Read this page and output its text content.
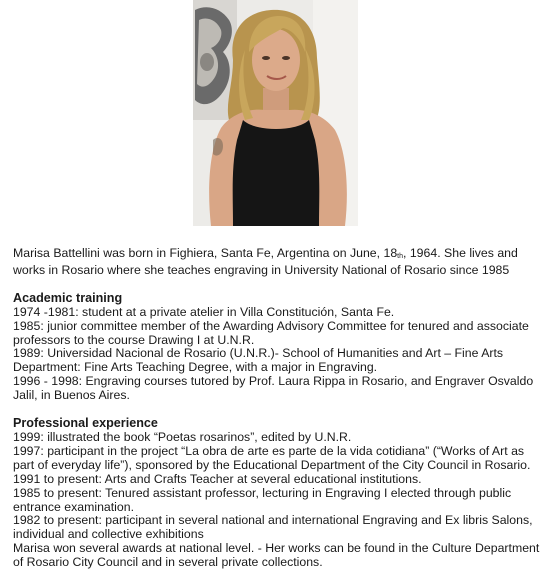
Marisa Battellini was born in Fighiera, Santa Fe, Argentina on June, $18_{th}$, 1964. She lives and works in Rosario where she teaches engraving in University National of Rosario since 1985

Academic training

1974 -1981: student at a private atelier in Villa Constitución, Santa Fe.
1985: junior committee member of the Awarding Advisory Committee for tenured and associate professors to the course Drawing I at U.N.R.
1989: Universidad Nacional de Rosario (U.N.R.)- School of Humanities and Art – Fine Arts Department: Fine Arts Teaching Degree, with a major in Engraving.
1996 - 1998: Engraving courses tutored by Prof. Laura Rippa in Rosario, and Engraver Osvaldo Jalil, in Buenos Aires.

Professional experience

1999: illustrated the book “Poetas rosarinos”, edited by U.N.R.
1997: participant in the project “La obra de arte es parte de la vida cotidiana” (“Works of Art as part of everyday life”), sponsored by the Educational Department of the City Council in Rosario.
1991 to present: Arts and Crafts Teacher at several educational institutions.
1985 to present: Tenured assistant professor, lecturing in Engraving I elected through public entrance examination.
1982 to present: participant in several national and international Engraving and Ex libris Salons, individual and collective exhibitions
Marisa won several awards at national level. - Her works can be found in the Culture Department of Rosario City Council and in several private collections.
